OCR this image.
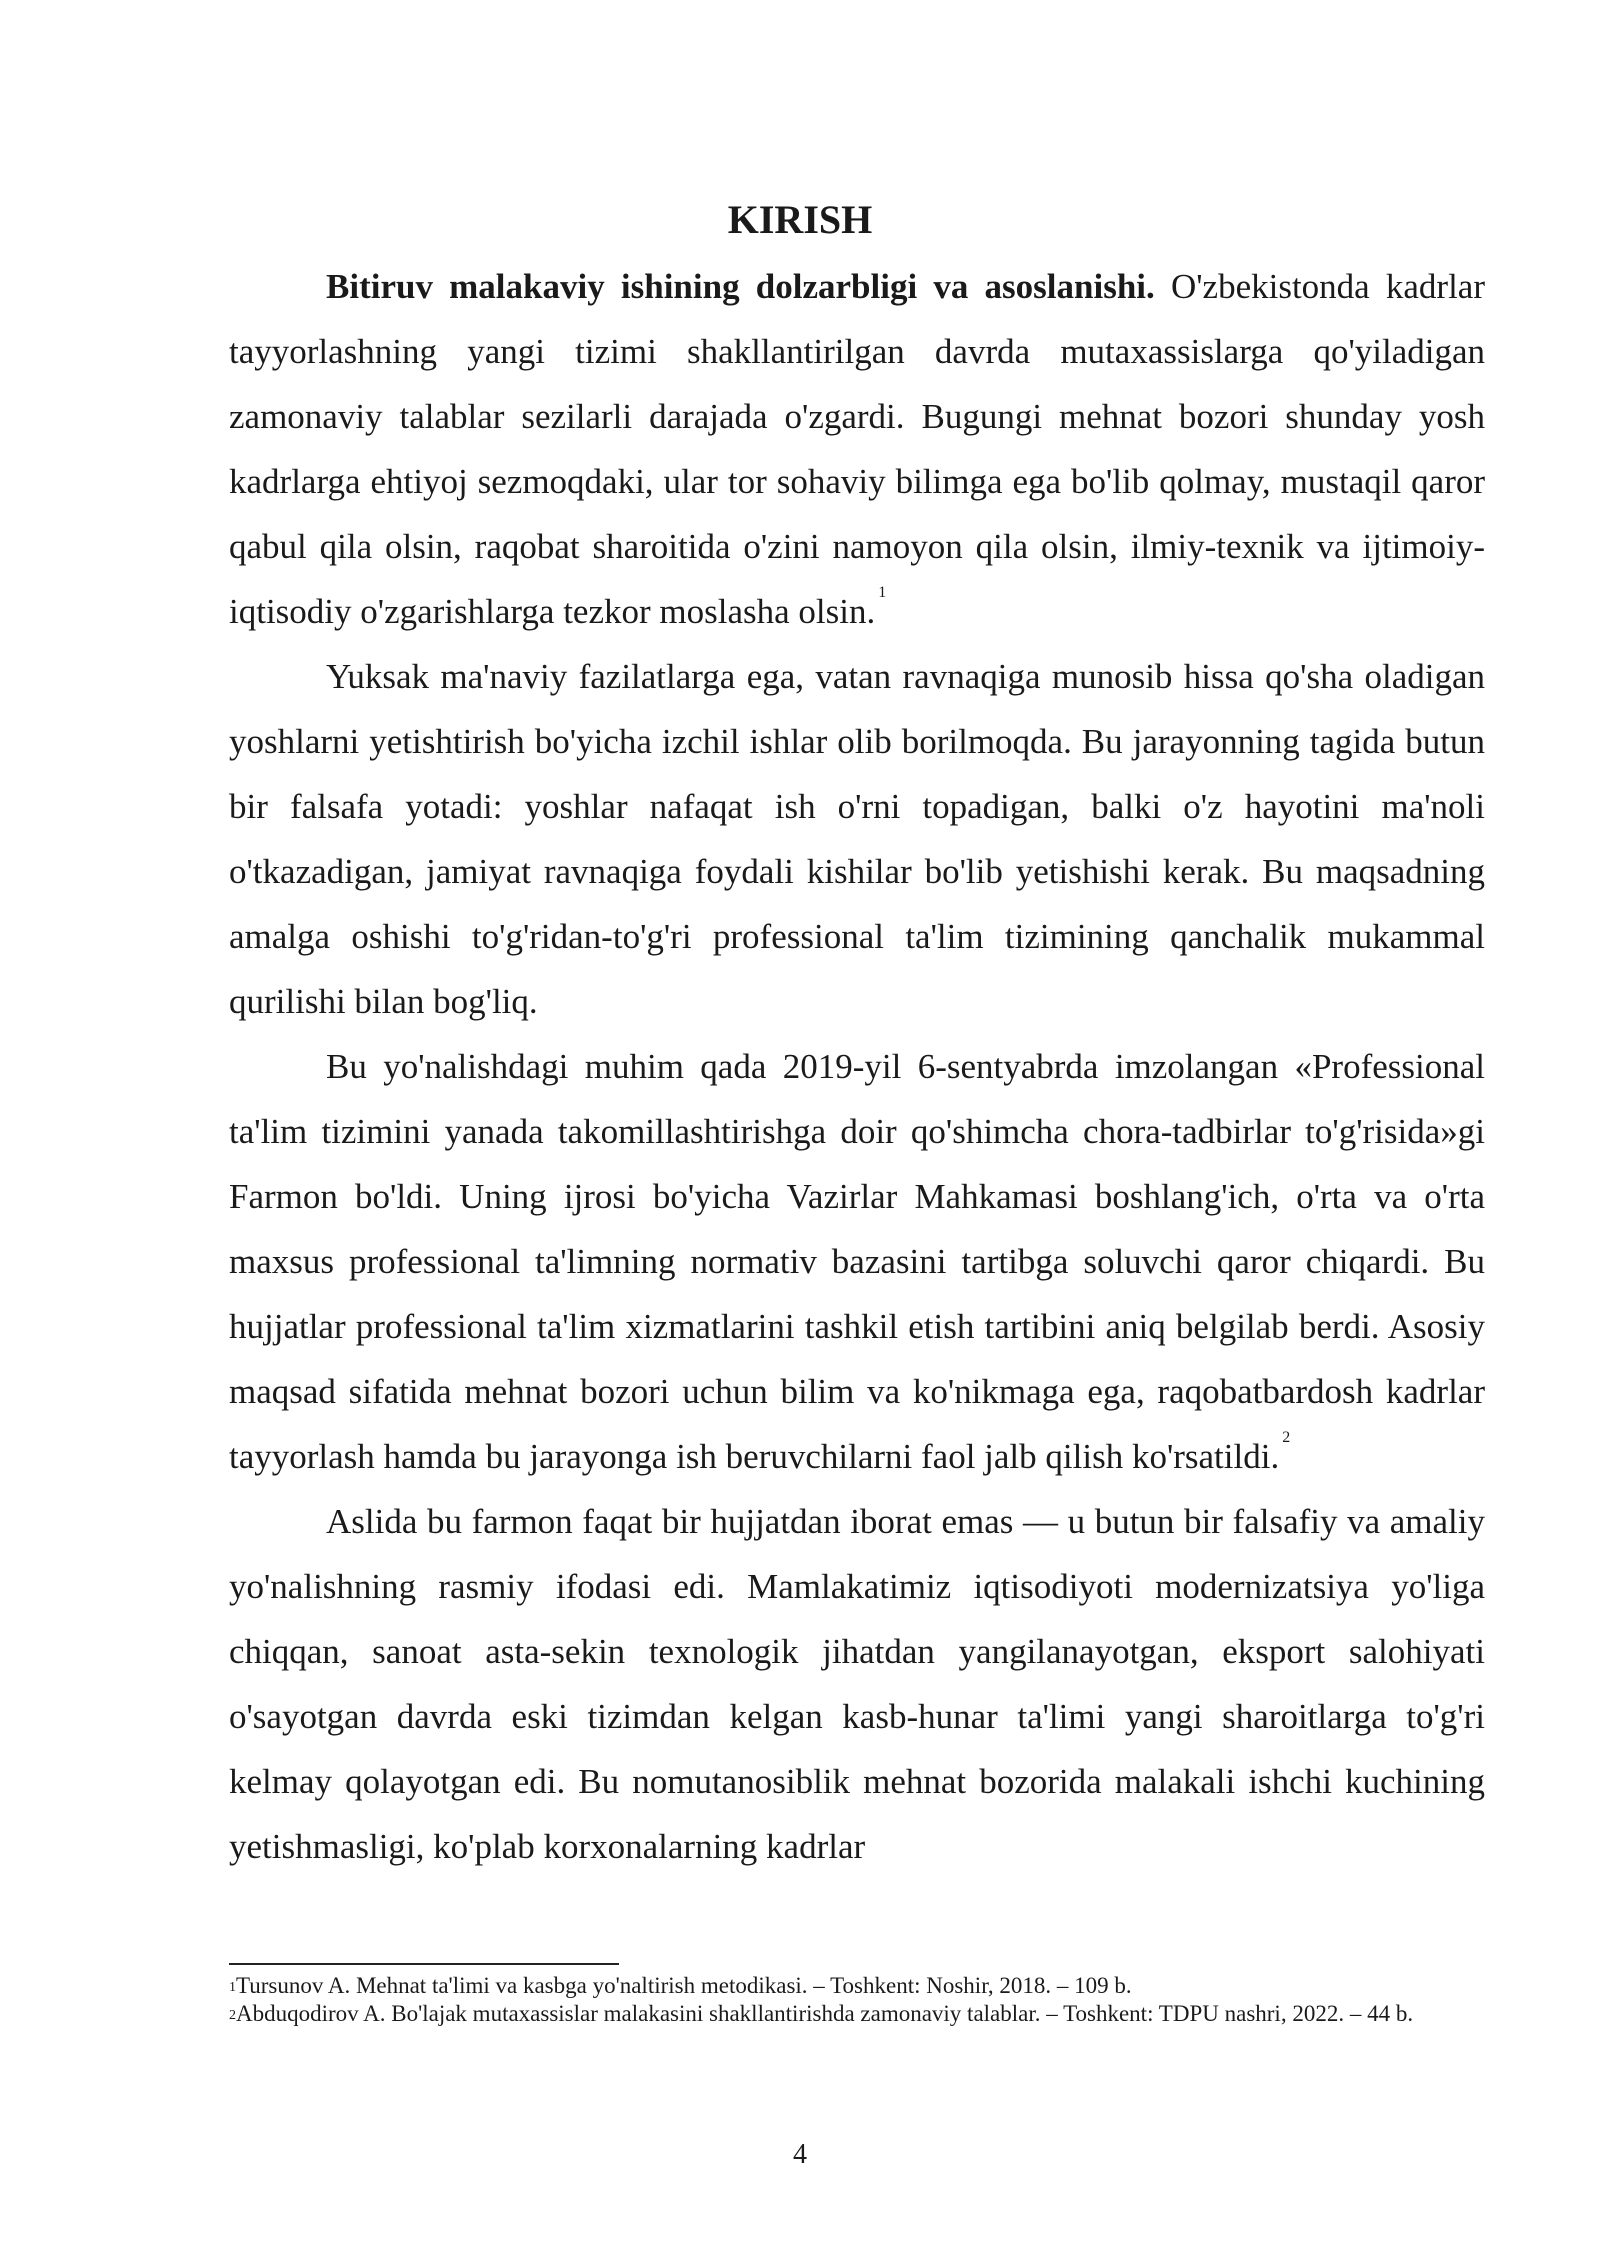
KIRISH

Bitiruv malakaviy ishining dolzarbligi va asoslanishi. O'zbekistonda kadrlar tayyorlashning yangi tizimi shakllantirilgan davrda mutaxassislarga qo'yiladigan zamonaviy talablar sezilarli darajada o'zgardi. Bugungi mehnat bozori shunday yosh kadrlarga ehtiyoj sezmoqdaki, ular tor sohaviy bilimga ega bo'lib qolmay, mustaqil qaror qabul qila olsin, raqobat sharoitida o'zini namoyon qila olsin, ilmiy-texnik va ijtimoiy-iqtisodiy o'zgarishlarga tezkor moslasha olsin. $^1$

Yuksak ma'naviy fazilatlarga ega, vatan ravnaqiga munosib hissa qo'sha oladigan yoshlarni yetishtirish bo'yicha izchil ishlar olib borilmoqda. Bu jarayonning tagida butun bir falsafa yotadi: yoshlar nafaqat ish o'rni topadigan, balki o'z hayotini ma'noli o'tkazadigan, jamiyat ravnaqiga foydali kishilar bo'lib yetishishi kerak. Bu maqsadning amalga oshishi to'g'ridan-to'g'ri professional ta'lim tizimining qanchalik mukammal qurilishi bilan bog'liq.

Bu yo'nalishdagi muhim qada 2019-yil 6-sentyabrda imzolangan «Professional ta'lim tizimini yanada takomillashtirishga doir qo'shimcha chora-tadbirlar to'g'risida»gi Farmon bo'ldi. Uning ijrosi bo'yicha Vazirlar Mahkamasi boshlang'ich, o'rta va o'rta maxsus professional ta'limning normativ bazasini tartibga soluvchi qaror chiqardi. Bu hujjatlar professional ta'lim xizmatlarini tashkil etish tartibini aniq belgilab berdi. Asosiy maqsad sifatida mehnat bozori uchun bilim va ko'nikmaga ega, raqobatbardosh kadrlar tayyorlash hamda bu jarayonga ish beruvchilarni faol jalb qilish ko'rsatildi. $^2$

Aslida bu farmon faqat bir hujjatdan iborat emas — u butun bir falsafiy va amaliy yo'nalishning rasmiy ifodasi edi. Mamlakatimiz iqtisodiyoti modernizatsiya yo'liga chiqqan, sanoat asta-sekin texnologik jihatdan yangilanayotgan, eksport salohiyati o'sayotgan davrda eski tizimdan kelgan kasb-hunar ta'limi yangi sharoitlarga to'g'ri kelmay qolayotgan edi. Bu nomutanosiblik mehnat bozorida malakali ishchi kuchining yetishmasligi, ko'plab korxonalarning kadrlar

$^1$Tursunov A. Mehnat ta'limi va kasbga yo'naltirish metodikasi. – Toshkent: Noshir, 2018. – 109 b.

$^2$Abduqodirov A. Bo'lajak mutaxassislar malakasini shakllantirishda zamonaviy talablar. – Toshkent: TDPU nashri, 2022. – 44 b.

4
